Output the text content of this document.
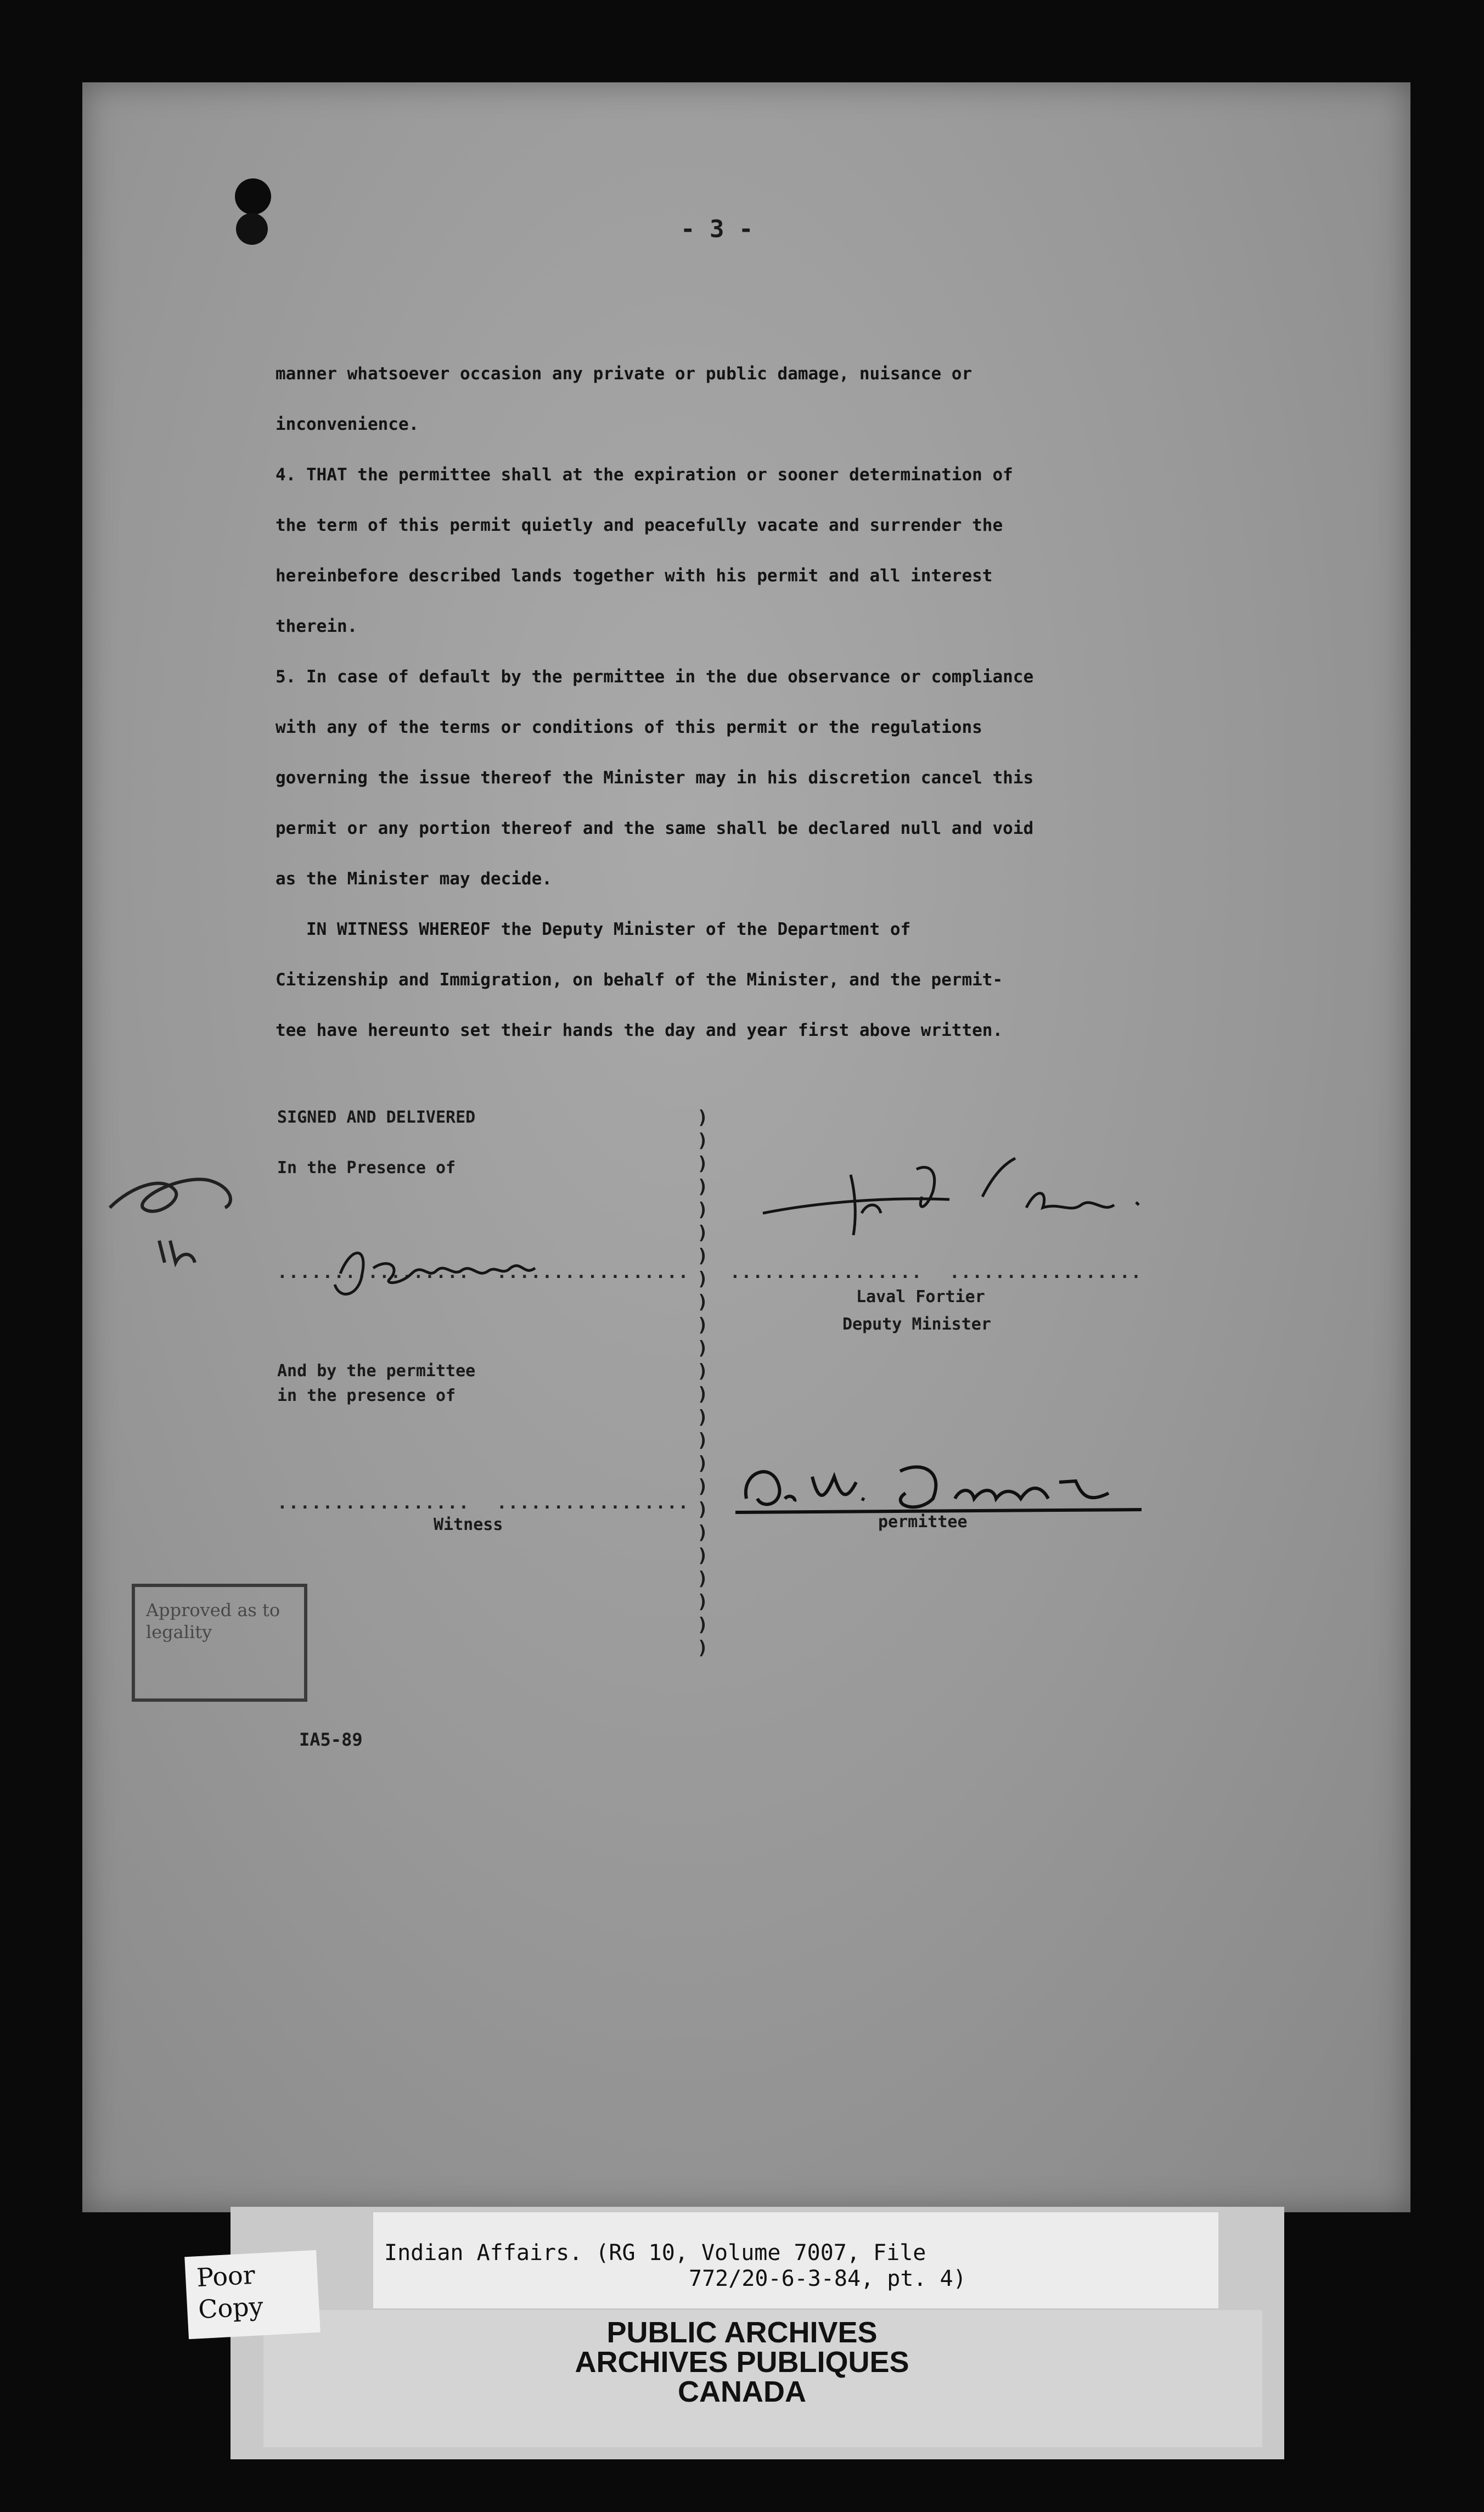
- 3 -

manner whatsoever occasion any private or public damage, nuisance or

inconvenience.

4. THAT the permittee shall at the expiration or sooner determination of

the term of this permit quietly and peacefully vacate and surrender the

hereinbefore described lands together with his permit and all interest

therein.

5. In case of default by the permittee in the due observance or compliance

with any of the terms or conditions of this permit or the regulations

governing the issue thereof the Minister may in his discretion cancel this

permit or any portion thereof and the same shall be declared null and void

as the Minister may decide.

IN WITNESS WHEREOF the Deputy Minister of the Department of

Citizenship and Immigration, on behalf of the Minister, and the permit-

tee have hereunto set their hands the day and year first above written.

SIGNED AND DELIVERED
In the Presence of
................. .................
Paquette
And by the permittee
in the presence of
................. .................
Witness
)
)
)
)
)
)
)
)
)
)
)
)
)
)
)
)
)
)
)
)
)
)
)
)
................. .................
Laval Fortier
Deputy Minister
permittee
Approved as to legality
IA5-89
Indian Affairs. (RG 10, Volume 7007, File
772/20-6-3-84, pt. 4)
Poor Copy
PUBLIC ARCHIVES
ARCHIVES PUBLIQUES
CANADA
